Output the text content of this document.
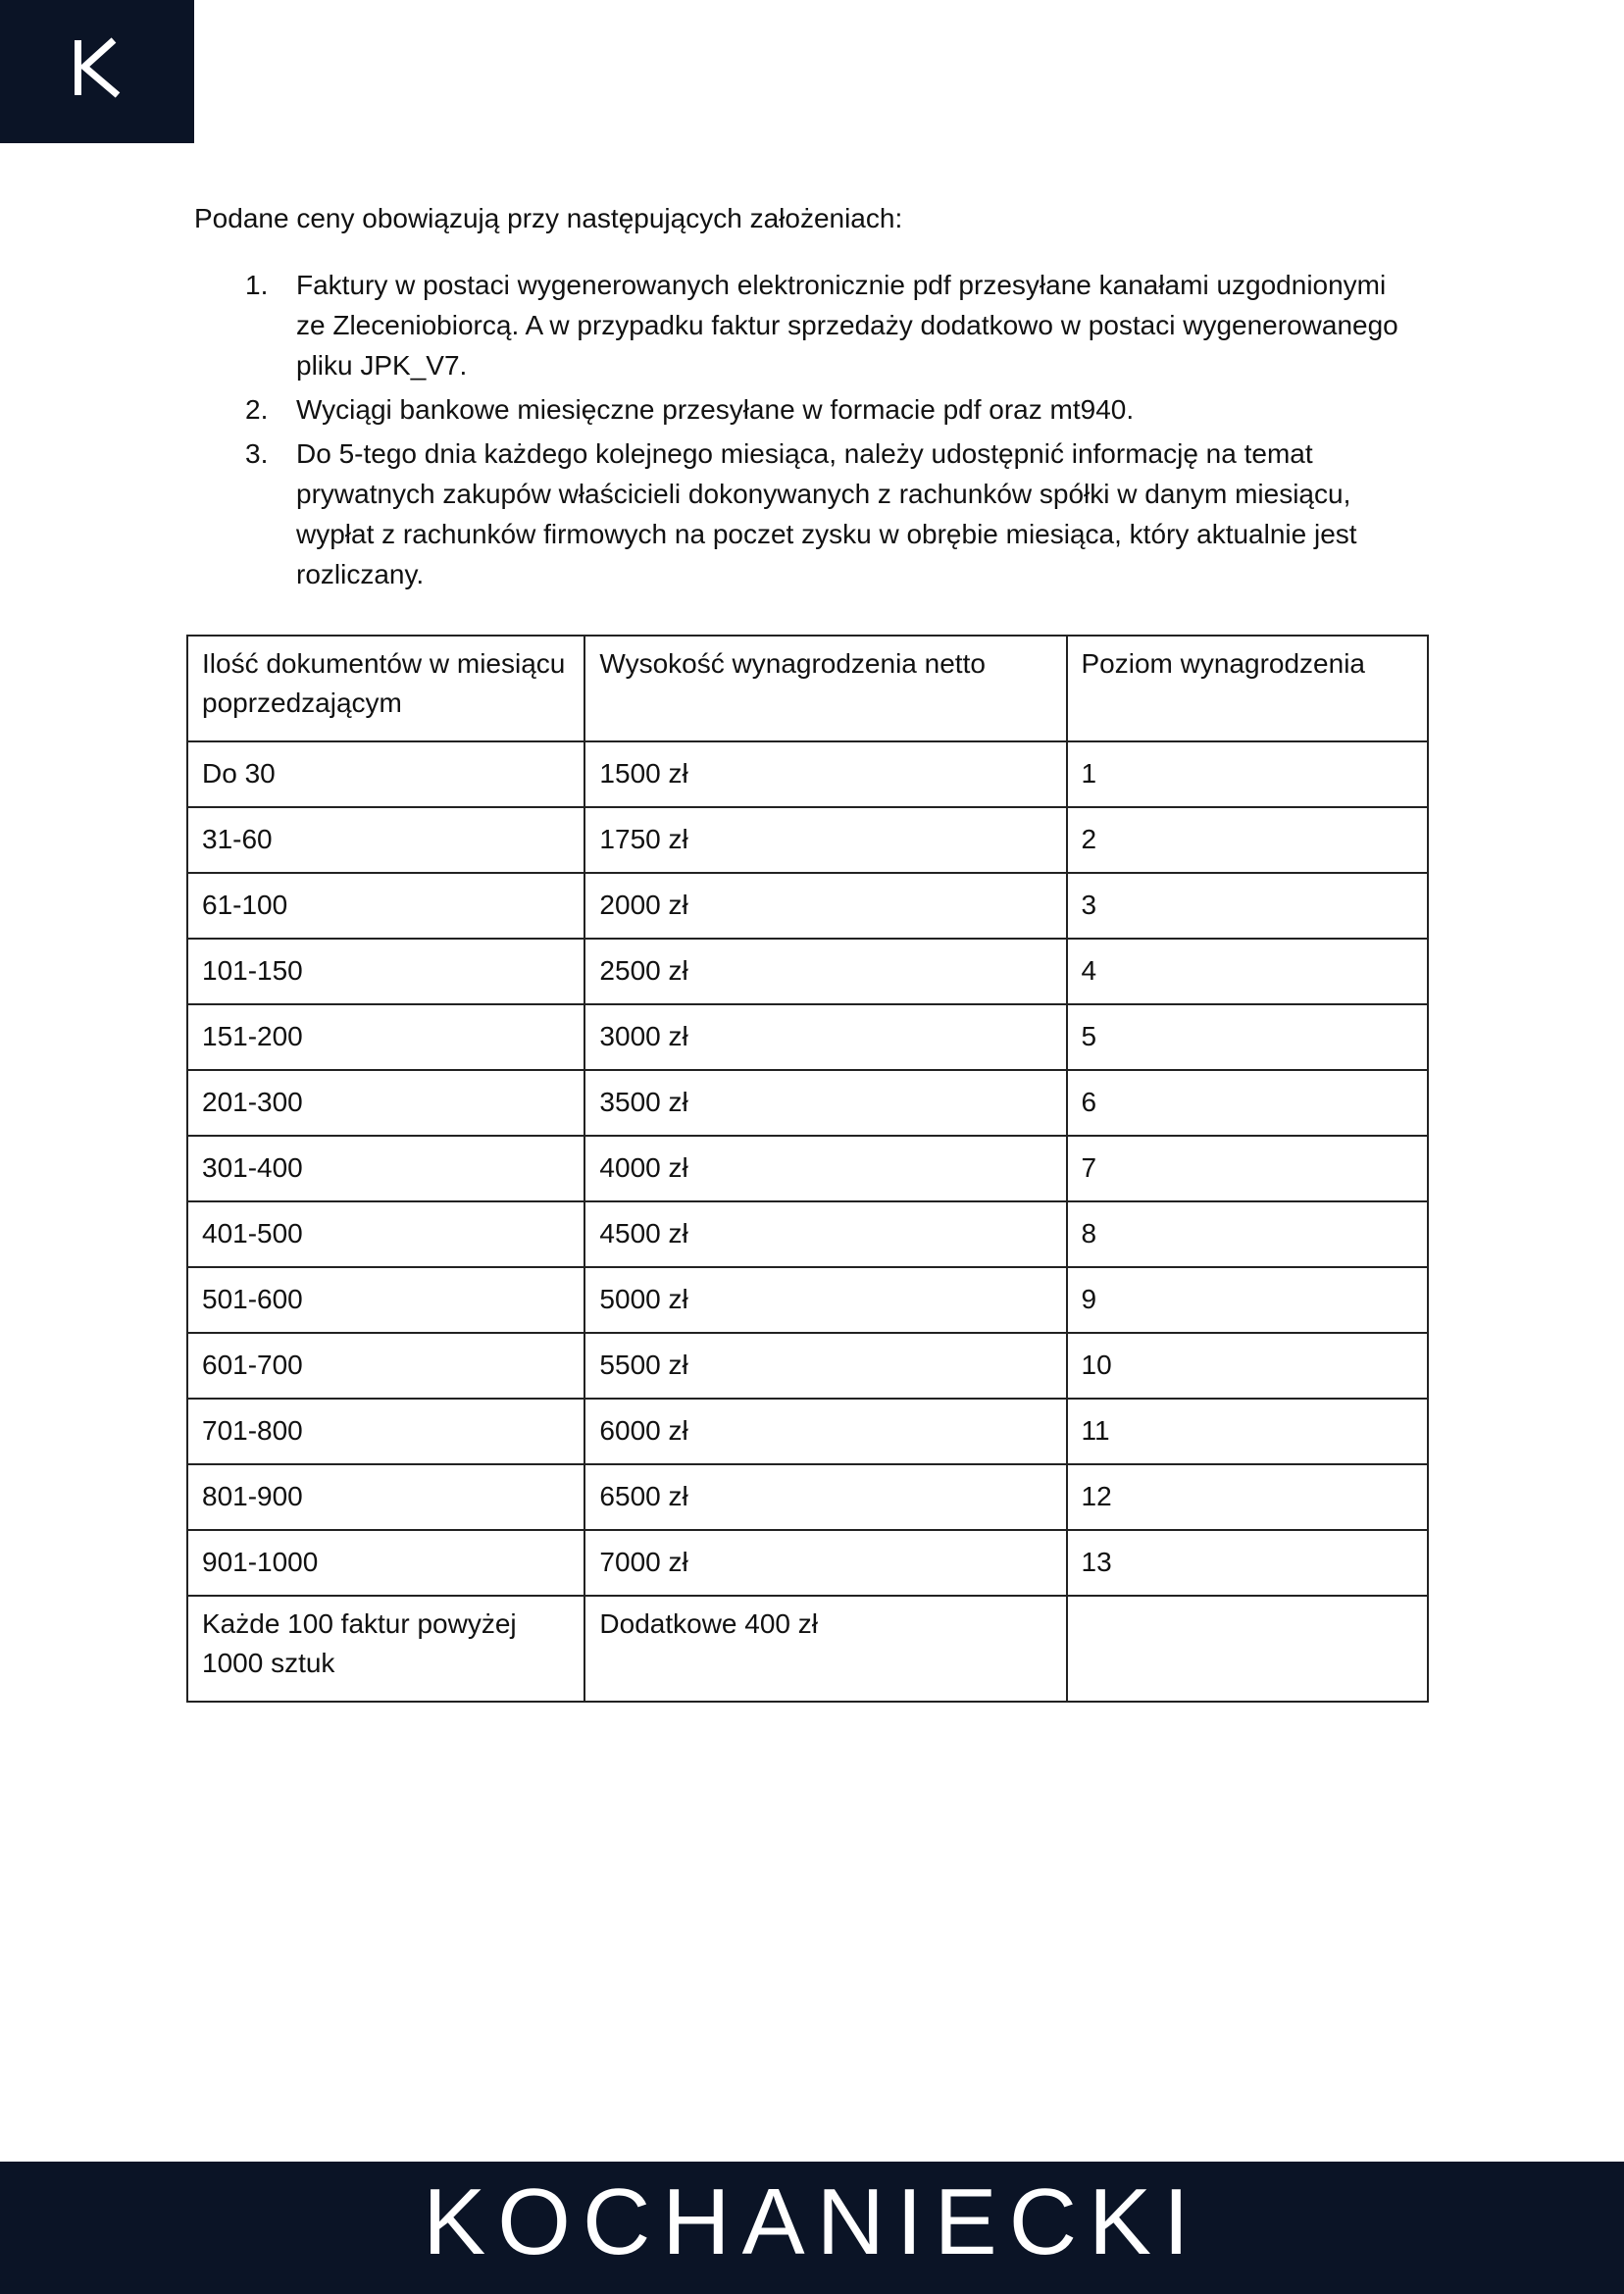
Podane ceny obowiązują przy następujących założeniach:

1. Faktury w postaci wygenerowanych elektronicznie pdf przesyłane kanałami uzgodnionymi ze Zleceniobiorcą. A w przypadku faktur sprzedaży dodatkowo w postaci wygenerowanego pliku JPK_V7.
2. Wyciągi bankowe miesięczne przesyłane w formacie pdf oraz mt940.
3. Do 5-tego dnia każdego kolejnego miesiąca, należy udostępnić informację na temat prywatnych zakupów właścicieli dokonywanych z rachunków spółki w danym miesiącu, wypłat z rachunków firmowych na poczet zysku w obrębie miesiąca, który aktualnie jest rozliczany.
Ilość dokumentów w miesiącu poprzedzającym	Wysokość wynagrodzenia netto	Poziom wynagrodzenia
Do 30	1500 zł	1
31-60	1750 zł	2
61-100	2000 zł	3
101-150	2500 zł	4
151-200	3000 zł	5
201-300	3500 zł	6
301-400	4000 zł	7
401-500	4500 zł	8
501-600	5000 zł	9
601-700	5500 zł	10
701-800	6000 zł	11
801-900	6500 zł	12
901-1000	7000 zł	13
Każde 100 faktur powyżej 1000 sztuk	Dodatkowe 400 zł	
KOCHANIECKI
